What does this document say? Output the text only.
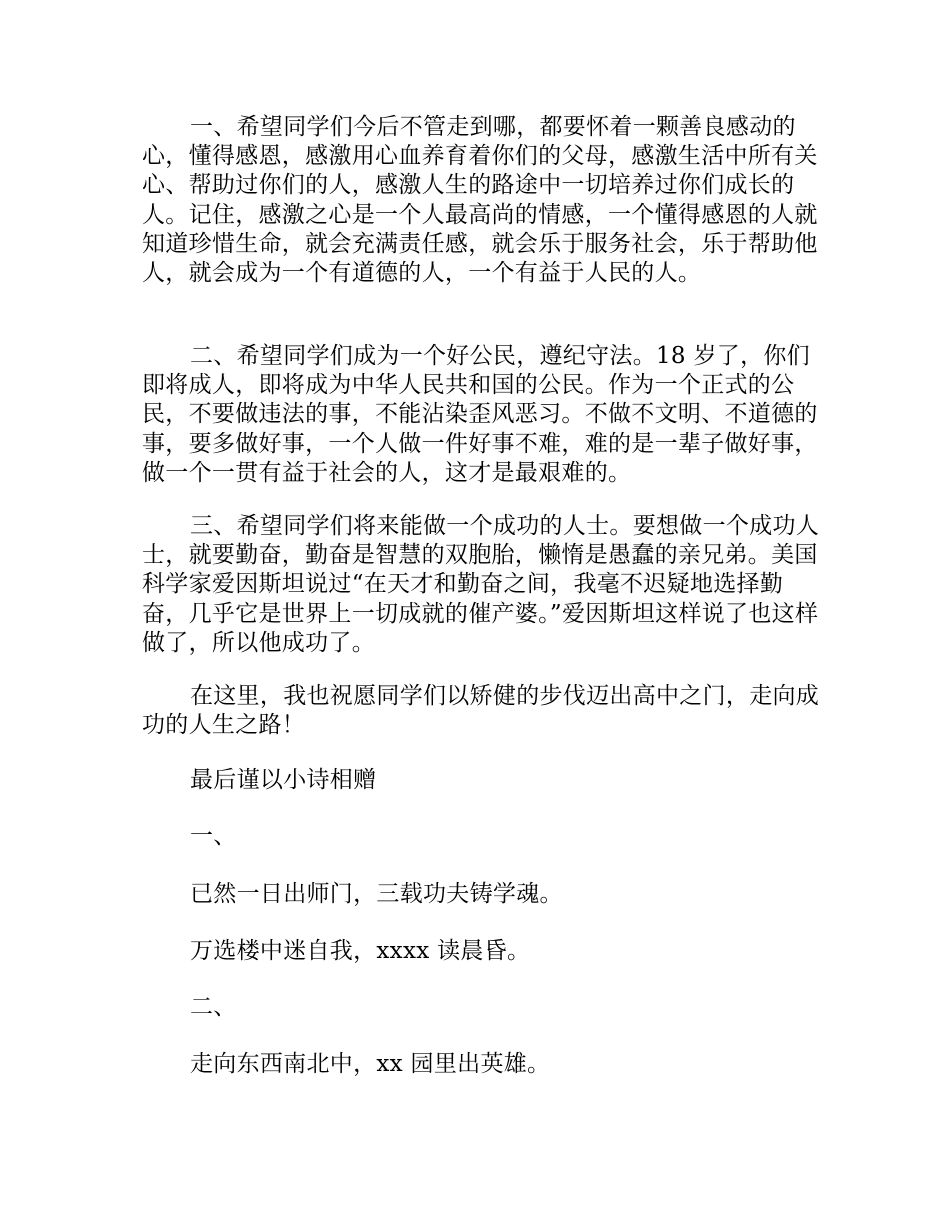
一、希望同学们今后不管走到哪，都要怀着一颗善良感动的心，懂得感恩，感激用心血养育着你们的父母，感激生活中所有关心、帮助过你们的人，感激人生的路途中一切培养过你们成长的人。记住，感激之心是一个人最高尚的情感，一个懂得感恩的人就知道珍惜生命，就会充满责任感，就会乐于服务社会，乐于帮助他人，就会成为一个有道德的人，一个有益于人民的人。

二、希望同学们成为一个好公民，遵纪守法。18 岁了，你们即将成人，即将成为中华人民共和国的公民。作为一个正式的公民，不要做违法的事，不能沾染歪风恶习。不做不文明、不道德的事，要多做好事，一个人做一件好事不难，难的是一辈子做好事，做一个一贯有益于社会的人，这才是最艰难的。

三、希望同学们将来能做一个成功的人士。要想做一个成功人士，就要勤奋，勤奋是智慧的双胞胎，懒惰是愚蠢的亲兄弟。美国科学家爱因斯坦说过“在天才和勤奋之间，我毫不迟疑地选择勤奋，几乎它是世界上一切成就的催产婆。”爱因斯坦这样说了也这样做了，所以他成功了。

在这里，我也祝愿同学们以矫健的步伐迈出高中之门，走向成功的人生之路！

最后谨以小诗相赠

一、

已然一日出师门，三载功夫铸学魂。

万选楼中迷自我，xxxx 读晨昏。

二、

走向东西南北中，xx 园里出英雄。
